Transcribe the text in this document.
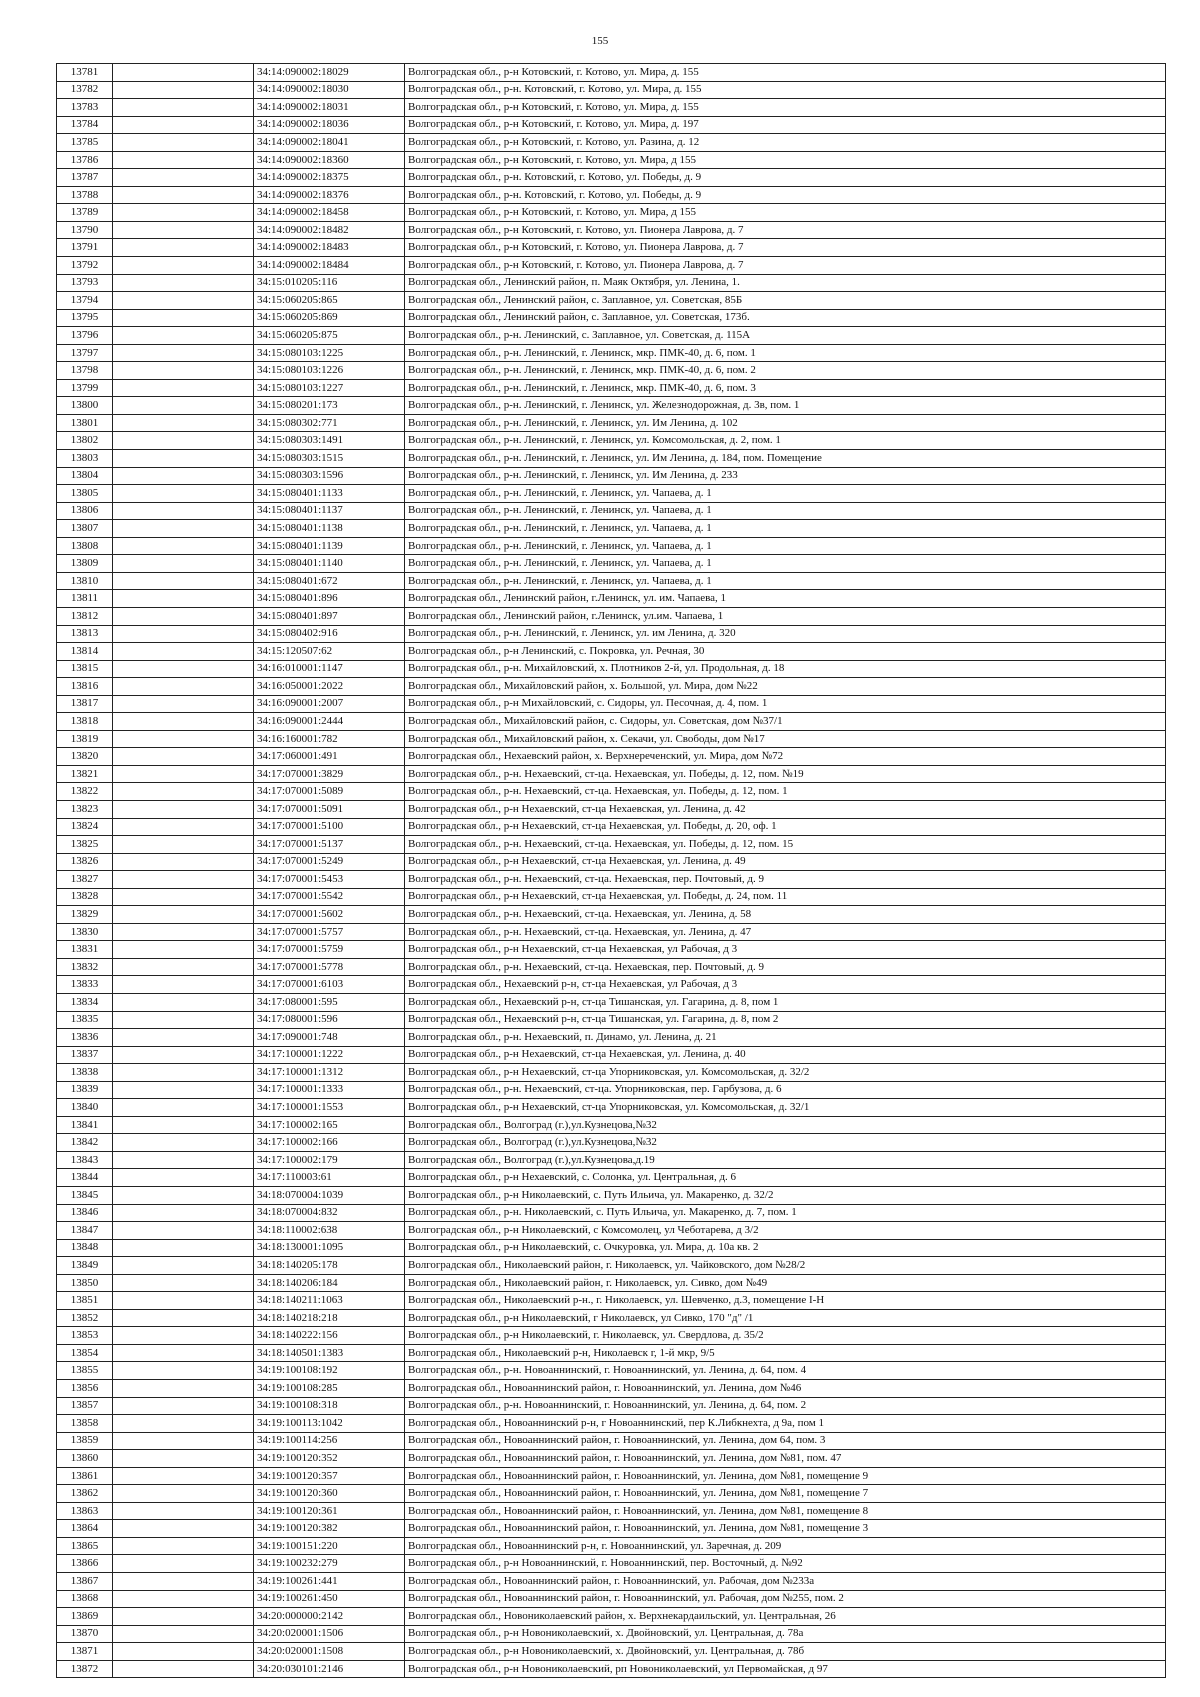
155
13781		34:14:090002:18029	Волгоградская обл., р-н Котовский, г. Котово, ул. Мира, д. 155
13782		34:14:090002:18030	Волгоградская обл., р-н. Котовский, г. Котово, ул. Мира, д. 155
13783		34:14:090002:18031	Волгоградская обл., р-н Котовский, г. Котово, ул. Мира, д. 155
13784		34:14:090002:18036	Волгоградская обл., р-н Котовский, г. Котово, ул. Мира, д. 197
13785		34:14:090002:18041	Волгоградская обл., р-н Котовский, г. Котово, ул. Разина, д. 12
13786		34:14:090002:18360	Волгоградская обл., р-н Котовский, г. Котово, ул. Мира, д 155
13787		34:14:090002:18375	Волгоградская обл., р-н. Котовский, г. Котово, ул. Победы, д. 9
13788		34:14:090002:18376	Волгоградская обл., р-н. Котовский, г. Котово, ул. Победы, д. 9
13789		34:14:090002:18458	Волгоградская обл., р-н Котовский, г. Котово, ул. Мира, д 155
13790		34:14:090002:18482	Волгоградская обл., р-н Котовский, г. Котово, ул. Пионера Лаврова, д. 7
13791		34:14:090002:18483	Волгоградская обл., р-н Котовский, г. Котово, ул. Пионера Лаврова, д. 7
13792		34:14:090002:18484	Волгоградская обл., р-н Котовский, г. Котово, ул. Пионера Лаврова, д. 7
13793		34:15:010205:116	Волгоградская обл., Ленинский район, п. Маяк Октября, ул. Ленина, 1.
13794		34:15:060205:865	Волгоградская обл., Ленинский район, с. Заплавное, ул. Советская, 85Б
13795		34:15:060205:869	Волгоградская обл., Ленинский район, с. Заплавное, ул. Советская, 173б.
13796		34:15:060205:875	Волгоградская обл., р-н. Ленинский, с. Заплавное, ул. Советская, д. 115А
13797		34:15:080103:1225	Волгоградская обл., р-н. Ленинский, г. Ленинск, мкр. ПМК-40, д. 6, пом. 1
13798		34:15:080103:1226	Волгоградская обл., р-н. Ленинский, г. Ленинск, мкр. ПМК-40, д. 6, пом. 2
13799		34:15:080103:1227	Волгоградская обл., р-н. Ленинский, г. Ленинск, мкр. ПМК-40, д. 6, пом. 3
13800		34:15:080201:173	Волгоградская обл., р-н. Ленинский, г. Ленинск, ул. Железнодорожная, д. 3в, пом. 1
13801		34:15:080302:771	Волгоградская обл., р-н. Ленинский, г. Ленинск, ул. Им Ленина, д. 102
13802		34:15:080303:1491	Волгоградская обл., р-н. Ленинский, г. Ленинск, ул. Комсомольская, д. 2, пом. 1
13803		34:15:080303:1515	Волгоградская обл., р-н. Ленинский, г. Ленинск, ул. Им Ленина, д. 184, пом. Помещение
13804		34:15:080303:1596	Волгоградская обл., р-н. Ленинский, г. Ленинск, ул. Им Ленина, д. 233
13805		34:15:080401:1133	Волгоградская обл., р-н. Ленинский, г. Ленинск, ул. Чапаева, д. 1
13806		34:15:080401:1137	Волгоградская обл., р-н. Ленинский, г. Ленинск, ул. Чапаева, д. 1
13807		34:15:080401:1138	Волгоградская обл., р-н. Ленинский, г. Ленинск, ул. Чапаева, д. 1
13808		34:15:080401:1139	Волгоградская обл., р-н. Ленинский, г. Ленинск, ул. Чапаева, д. 1
13809		34:15:080401:1140	Волгоградская обл., р-н. Ленинский, г. Ленинск, ул. Чапаева, д. 1
13810		34:15:080401:672	Волгоградская обл., р-н. Ленинский, г. Ленинск, ул. Чапаева, д. 1
13811		34:15:080401:896	Волгоградская обл., Ленинский район, г.Ленинск, ул. им. Чапаева, 1
13812		34:15:080401:897	Волгоградская обл., Ленинский район, г.Ленинск, ул.им. Чапаева, 1
13813		34:15:080402:916	Волгоградская обл., р-н. Ленинский, г. Ленинск, ул. им Ленина, д. 320
13814		34:15:120507:62	Волгоградская обл., р-н Ленинский, с. Покровка, ул. Речная, 30
13815		34:16:010001:1147	Волгоградская обл., р-н. Михайловский, х. Плотников 2-й, ул. Продольная, д. 18
13816		34:16:050001:2022	Волгоградская обл., Михайловский район, х. Большой, ул. Мира, дом №22
13817		34:16:090001:2007	Волгоградская обл., р-н Михайловский, с. Сидоры, ул. Песочная, д. 4, пом. 1
13818		34:16:090001:2444	Волгоградская обл., Михайловский район, с. Сидоры, ул. Советская, дом №37/1
13819		34:16:160001:782	Волгоградская обл., Михайловский район, х. Секачи, ул. Свободы, дом №17
13820		34:17:060001:491	Волгоградская обл., Нехаевский район, х. Верхнереченский, ул. Мира, дом №72
13821		34:17:070001:3829	Волгоградская обл., р-н. Нехаевский, ст-ца. Нехаевская, ул. Победы, д. 12, пом. №19
13822		34:17:070001:5089	Волгоградская обл., р-н. Нехаевский, ст-ца. Нехаевская, ул. Победы, д. 12, пом. 1
13823		34:17:070001:5091	Волгоградская обл., р-н Нехаевский, ст-ца Нехаевская, ул. Ленина, д. 42
13824		34:17:070001:5100	Волгоградская обл., р-н Нехаевский, ст-ца Нехаевская, ул. Победы, д. 20, оф. 1
13825		34:17:070001:5137	Волгоградская обл., р-н. Нехаевский, ст-ца. Нехаевская, ул. Победы, д. 12, пом. 15
13826		34:17:070001:5249	Волгоградская обл., р-н Нехаевский, ст-ца Нехаевская, ул. Ленина, д. 49
13827		34:17:070001:5453	Волгоградская обл., р-н. Нехаевский, ст-ца. Нехаевская, пер. Почтовый, д. 9
13828		34:17:070001:5542	Волгоградская обл., р-н Нехаевский, ст-ца Нехаевская, ул. Победы, д. 24, пом. 11
13829		34:17:070001:5602	Волгоградская обл., р-н. Нехаевский, ст-ца. Нехаевская, ул. Ленина, д. 58
13830		34:17:070001:5757	Волгоградская обл., р-н. Нехаевский, ст-ца. Нехаевская, ул. Ленина, д. 47
13831		34:17:070001:5759	Волгоградская обл., р-н Нехаевский, ст-ца Нехаевская, ул Рабочая, д 3
13832		34:17:070001:5778	Волгоградская обл., р-н. Нехаевский, ст-ца. Нехаевская, пер. Почтовый, д. 9
13833		34:17:070001:6103	Волгоградская обл., Нехаевский р-н, ст-ца Нехаевская, ул Рабочая, д 3
13834		34:17:080001:595	Волгоградская обл., Нехаевский р-н, ст-ца Тишанская, ул. Гагарина, д. 8, пом 1
13835		34:17:080001:596	Волгоградская обл., Нехаевский р-н, ст-ца Тишанская, ул. Гагарина, д. 8, пом 2
13836		34:17:090001:748	Волгоградская обл., р-н. Нехаевский, п. Динамо, ул. Ленина, д. 21
13837		34:17:100001:1222	Волгоградская обл., р-н Нехаевский, ст-ца Нехаевская, ул. Ленина, д. 40
13838		34:17:100001:1312	Волгоградская обл., р-н Нехаевский, ст-ца Упорниковская, ул. Комсомольская, д. 32/2
13839		34:17:100001:1333	Волгоградская обл., р-н. Нехаевский, ст-ца. Упорниковская, пер. Гарбузова, д. 6
13840		34:17:100001:1553	Волгоградская обл., р-н Нехаевский, ст-ца Упорниковская, ул. Комсомольская, д. 32/1
13841		34:17:100002:165	Волгоградская обл., Волгоград (г.),ул.Кузнецова,№32
13842		34:17:100002:166	Волгоградская обл., Волгоград (г.),ул.Кузнецова,№32
13843		34:17:100002:179	Волгоградская обл., Волгоград (г.),ул.Кузнецова,д.19
13844		34:17:110003:61	Волгоградская обл., р-н Нехаевский, с. Солонка, ул. Центральная, д. 6
13845		34:18:070004:1039	Волгоградская обл., р-н Николаевский, с. Путь Ильича, ул. Макаренко, д. 32/2
13846		34:18:070004:832	Волгоградская обл., р-н. Николаевский, с. Путь Ильича, ул. Макаренко, д. 7, пом. 1
13847		34:18:110002:638	Волгоградская обл., р-н Николаевский, с Комсомолец, ул Чеботарева, д 3/2
13848		34:18:130001:1095	Волгоградская обл., р-н Николаевский, с. Очкуровка, ул. Мира, д. 10а кв. 2
13849		34:18:140205:178	Волгоградская обл., Николаевский район, г. Николаевск, ул. Чайковского, дом №28/2
13850		34:18:140206:184	Волгоградская обл., Николаевский район, г. Николаевск, ул. Сивко, дом №49
13851		34:18:140211:1063	Волгоградская обл., Николаевский р-н., г. Николаевск, ул. Шевченко, д.3, помещение I-Н
13852		34:18:140218:218	Волгоградская обл., р-н Николаевский, г Николаевск, ул Сивко, 170 "д" /1
13853		34:18:140222:156	Волгоградская обл., р-н Николаевский, г. Николаевск, ул. Свердлова, д. 35/2
13854		34:18:140501:1383	Волгоградская обл., Николаевский р-н, Николаевск г, 1-й мкр, 9/5
13855		34:19:100108:192	Волгоградская обл., р-н. Новоаннинский, г. Новоаннинский, ул. Ленина, д. 64, пом. 4
13856		34:19:100108:285	Волгоградская обл., Новоаннинский район, г. Новоаннинский, ул. Ленина, дом №46
13857		34:19:100108:318	Волгоградская обл., р-н. Новоаннинский, г. Новоаннинский, ул. Ленина, д. 64, пом. 2
13858		34:19:100113:1042	Волгоградская обл., Новоаннинский р-н, г Новоаннинский, пер К.Либкнехта, д 9а, пом 1
13859		34:19:100114:256	Волгоградская обл., Новоаннинский район, г. Новоаннинский, ул. Ленина, дом 64, пом. 3
13860		34:19:100120:352	Волгоградская обл., Новоаннинский район, г. Новоаннинский, ул. Ленина, дом №81, пом. 47
13861		34:19:100120:357	Волгоградская обл., Новоаннинский район, г. Новоаннинский, ул. Ленина, дом №81, помещение 9
13862		34:19:100120:360	Волгоградская обл., Новоаннинский район, г. Новоаннинский, ул. Ленина, дом №81, помещение 7
13863		34:19:100120:361	Волгоградская обл., Новоаннинский район, г. Новоаннинский, ул. Ленина, дом №81, помещение 8
13864		34:19:100120:382	Волгоградская обл., Новоаннинский район, г. Новоаннинский, ул. Ленина, дом №81, помещение 3
13865		34:19:100151:220	Волгоградская обл., Новоаннинский р-н, г. Новоаннинский, ул. Заречная, д. 209
13866		34:19:100232:279	Волгоградская обл., р-н Новоаннинский, г. Новоаннинский, пер. Восточный, д. №92
13867		34:19:100261:441	Волгоградская обл., Новоаннинский район, г. Новоаннинский, ул. Рабочая, дом №233а
13868		34:19:100261:450	Волгоградская обл., Новоаннинский район, г. Новоаннинский, ул. Рабочая, дом №255, пом. 2
13869		34:20:000000:2142	Волгоградская обл., Новониколаевский район, х. Верхнекардаильский, ул. Центральная, 26
13870		34:20:020001:1506	Волгоградская обл., р-н Новониколаевский, х. Двойновский, ул. Центральная, д. 78а
13871		34:20:020001:1508	Волгоградская обл., р-н Новониколаевский, х. Двойновский, ул. Центральная, д. 78б
13872		34:20:030101:2146	Волгоградская обл., р-н Новониколаевский, рп Новониколаевский, ул Первомайская, д 97
